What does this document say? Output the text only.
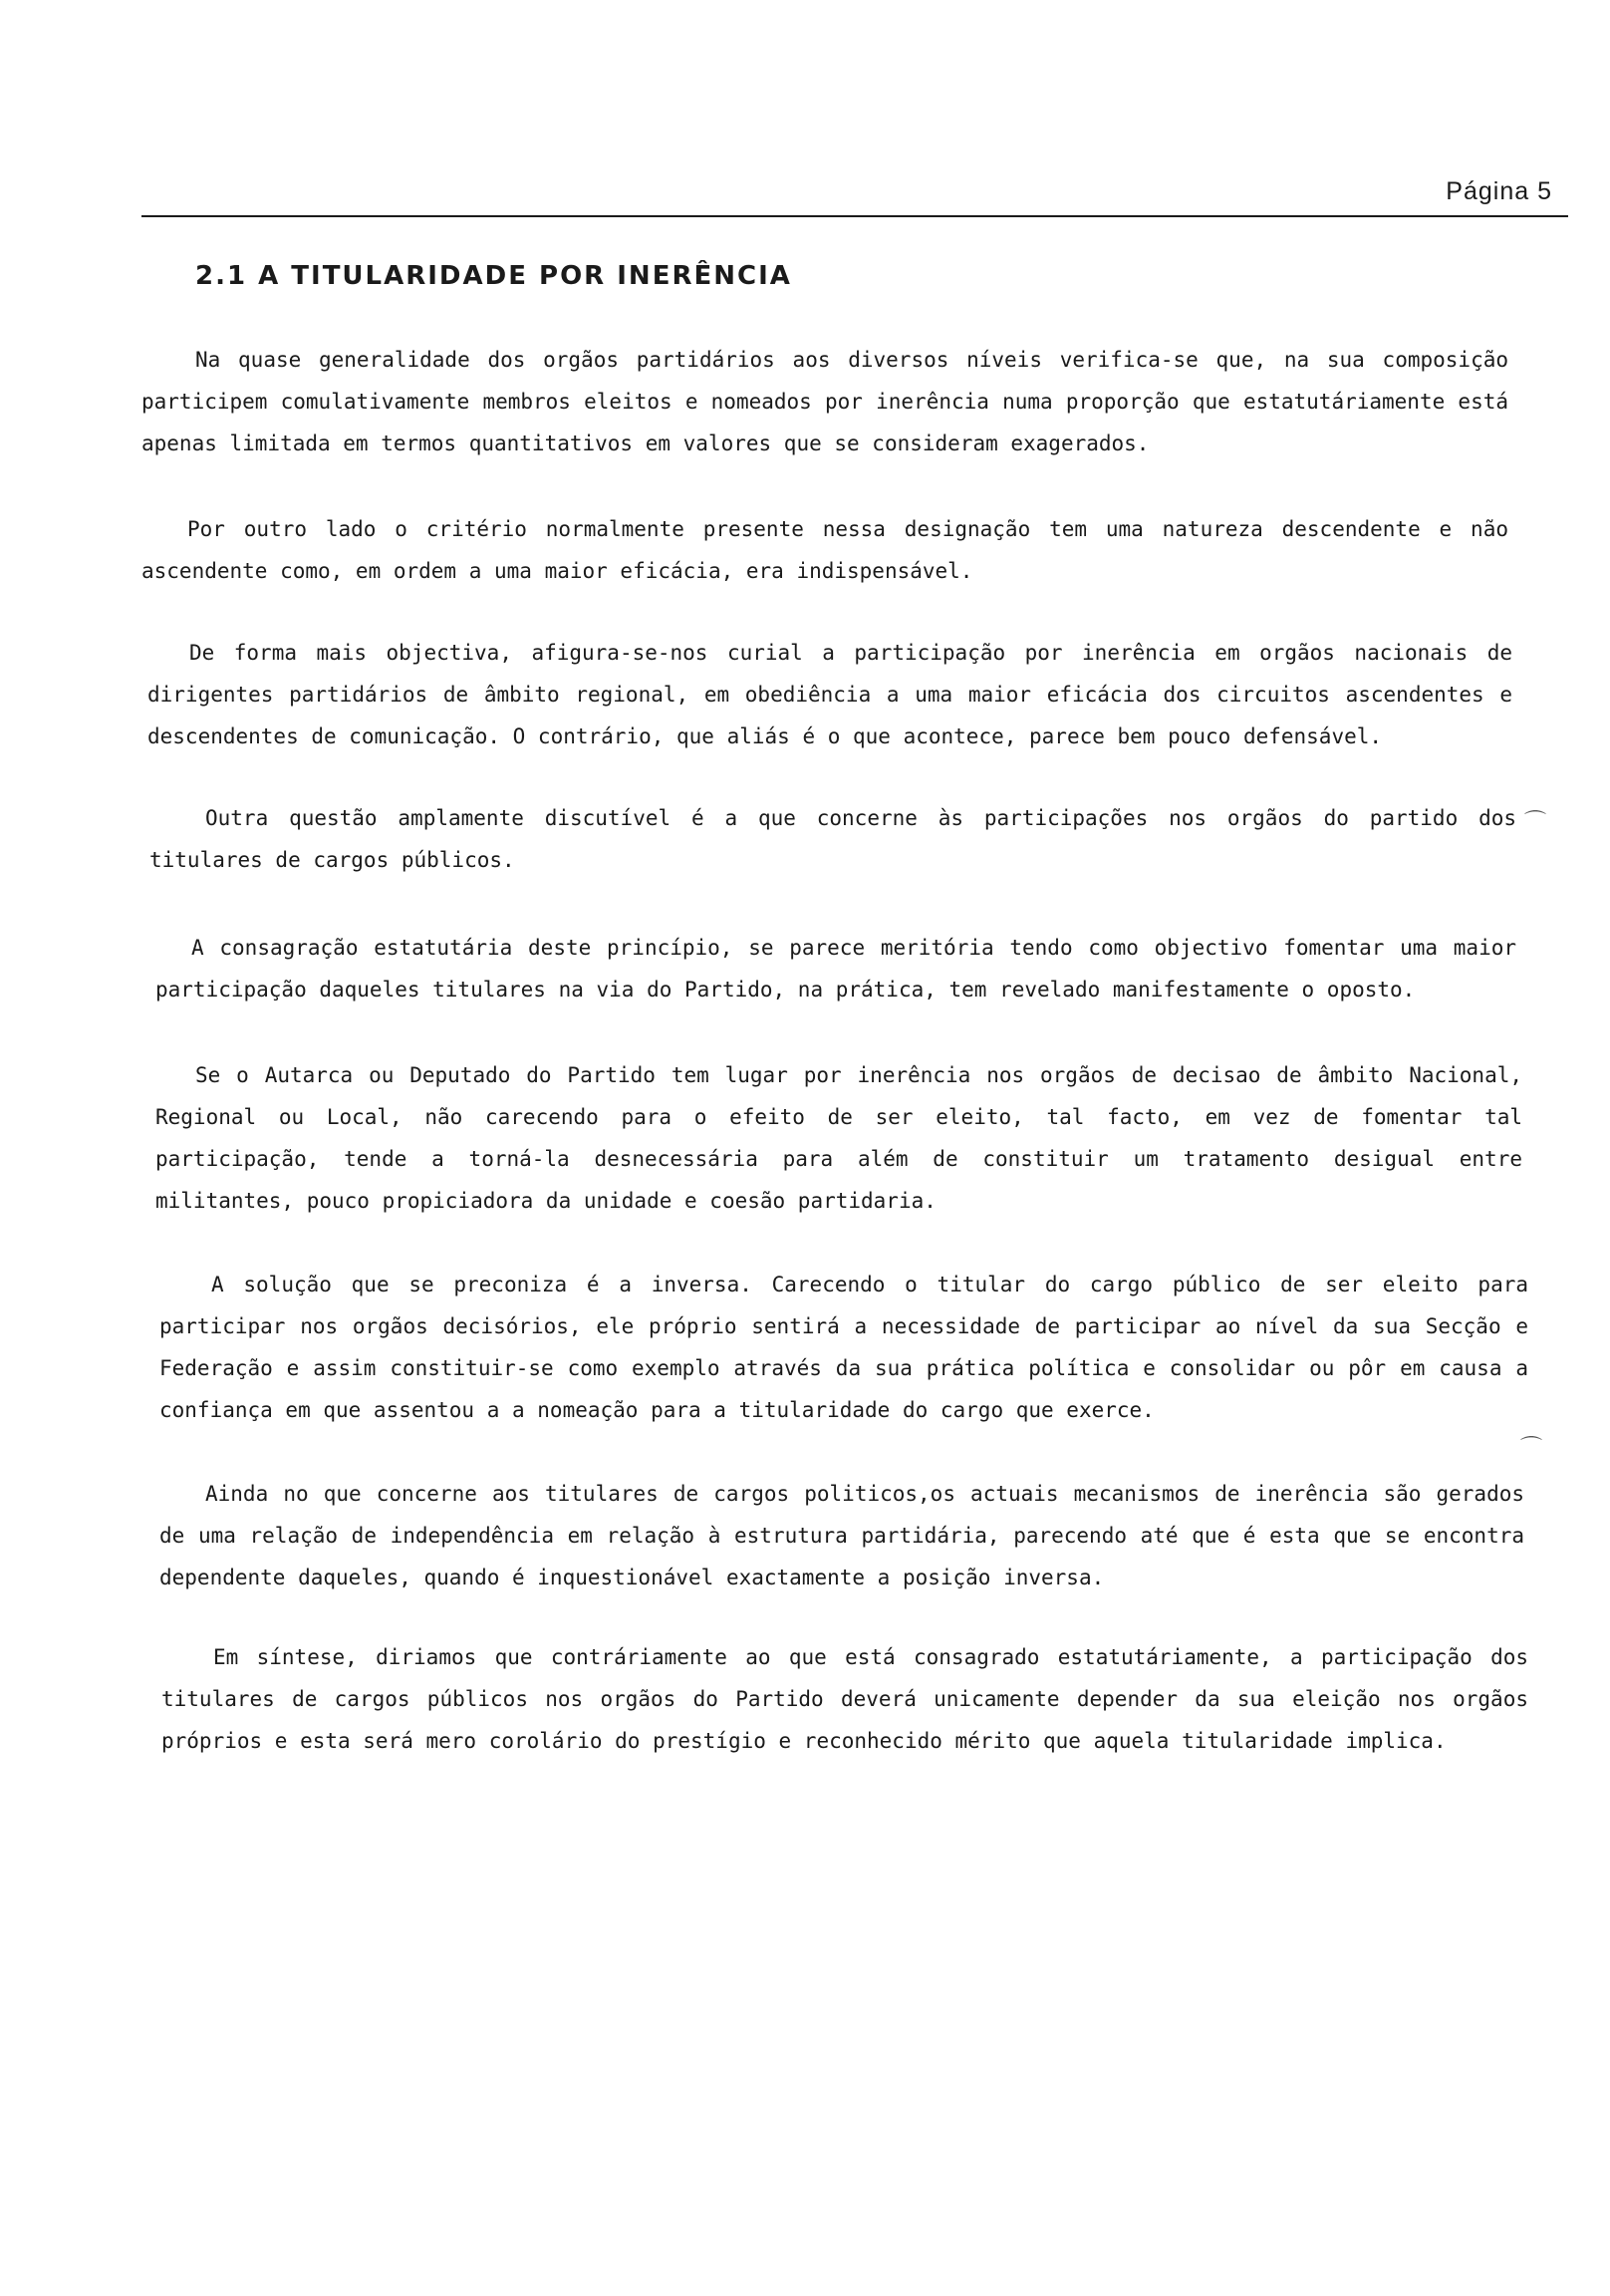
Página 5
2.1 A TITULARIDADE POR INERÊNCIA

Na quase generalidade dos orgãos partidários aos diversos níveis verifica-se que, na sua composição participem comulativamente membros eleitos e nomeados por inerência numa proporção que estatutáriamente está apenas limitada em termos quantitativos em valores que se consideram exagerados.

Por outro lado o critério normalmente presente nessa designação tem uma natureza descendente e não ascendente como, em ordem a uma maior eficácia, era indispensável.

De forma mais objectiva, afigura-se-nos curial a participação por inerência em orgãos nacionais de dirigentes partidários de âmbito regional, em obediência a uma maior eficácia dos circuitos ascendentes e descendentes de comunicação. O contrário, que aliás é o que acontece, parece bem pouco defensável.

Outra questão amplamente discutível é a que concerne às participações nos orgãos do partido dos titulares de cargos públicos.

A consagração estatutária deste princípio, se parece meritória tendo como objectivo fomentar uma maior participação daqueles titulares na via do Partido, na prática, tem revelado manifestamente o oposto.

Se o Autarca ou Deputado do Partido tem lugar por inerência nos orgãos de decisao de âmbito Nacional, Regional ou Local, não carecendo para o efeito de ser eleito, tal facto, em vez de fomentar tal participação, tende a torná-la desnecessária para além de constituir um tratamento desigual entre militantes, pouco propiciadora da unidade e coesão partidaria.

A solução que se preconiza é a inversa. Carecendo o titular do cargo público de ser eleito para participar nos orgãos decisórios, ele próprio sentirá a necessidade de participar ao nível da sua Secção e Federação e assim constituir-se como exemplo através da sua prática política e consolidar ou pôr em causa a confiança em que assentou a a nomeação para a titularidade do cargo que exerce.

Ainda no que concerne aos titulares de cargos politicos,os actuais mecanismos de inerência são gerados de uma relação de independência em relação à estrutura partidária, parecendo até que é esta que se encontra dependente daqueles, quando é inquestionável exactamente a posição inversa.

Em síntese, diriamos que contráriamente ao que está consagrado estatutáriamente, a participação dos titulares de cargos públicos nos orgãos do Partido deverá unicamente depender da sua eleição nos orgãos próprios e esta será mero corolário do prestígio e reconhecido mérito que aquela titularidade implica.

⌒
⌒
